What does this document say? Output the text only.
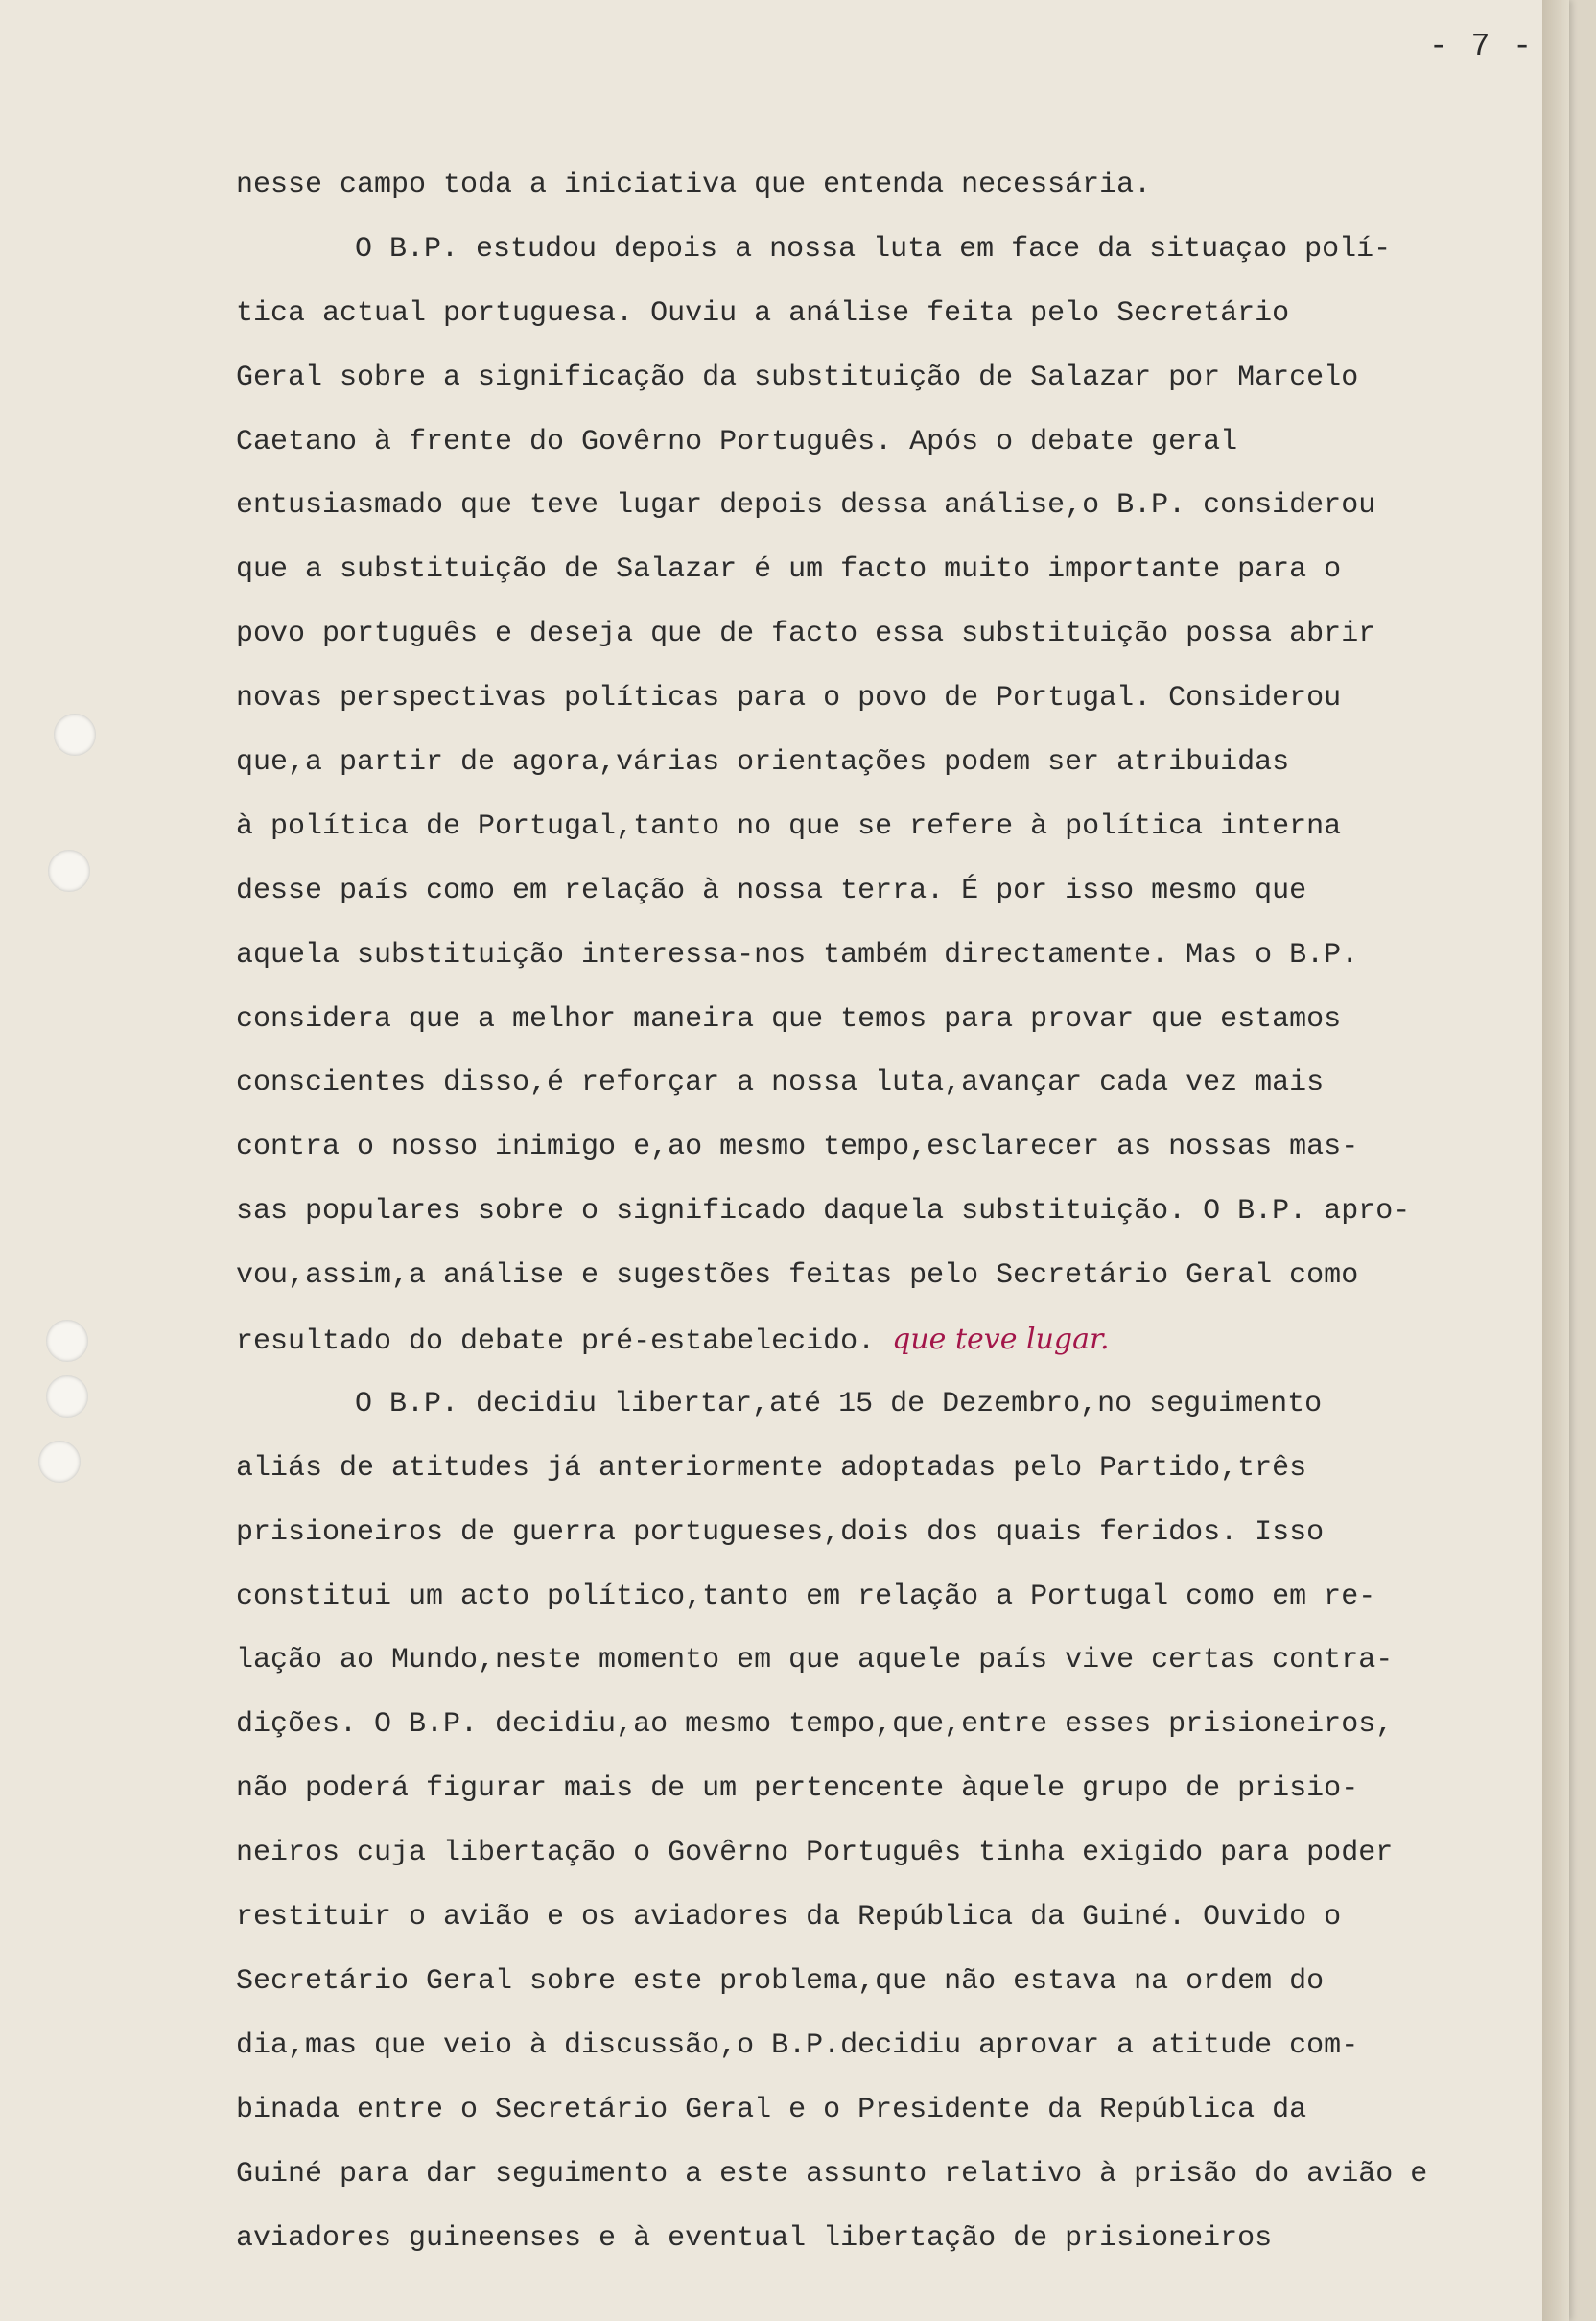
- 7 -
nesse campo toda a iniciativa que entenda necessária.
O B.P. estudou depois a nossa luta em face da situaçao polí-
tica actual portuguesa. Ouviu a análise feita pelo Secretário
Geral sobre a significação da substituição de Salazar por Marcelo
Caetano à frente do Govêrno Português. Após o debate geral
entusiasmado que teve lugar depois dessa análise,o B.P. considerou
que a substituição de Salazar é um facto muito importante para o
povo português e deseja que de facto essa substituição possa abrir
novas perspectivas políticas para o povo de Portugal. Considerou
que,a partir de agora,várias orientações podem ser atribuidas
à política de Portugal,tanto no que se refere à política interna
desse país como em relação à nossa terra. É por isso mesmo que
aquela substituição interessa-nos também directamente. Mas o B.P.
considera que a melhor maneira que temos para provar que estamos
conscientes disso,é reforçar a nossa luta,avançar cada vez mais
contra o nosso inimigo e,ao mesmo tempo,esclarecer as nossas mas-
sas populares sobre o significado daquela substituição. O B.P. apro-
vou,assim,a análise e sugestões feitas pelo Secretário Geral como
resultado do debate pré-estabelecido. que teve lugar.
O B.P. decidiu libertar,até 15 de Dezembro,no seguimento
aliás de atitudes já anteriormente adoptadas pelo Partido,três
prisioneiros de guerra portugueses,dois dos quais feridos. Isso
constitui um acto político,tanto em relação a Portugal como em re-
lação ao Mundo,neste momento em que aquele país vive certas contra-
dições. O B.P. decidiu,ao mesmo tempo,que,entre esses prisioneiros,
não poderá figurar mais de um pertencente àquele grupo de prisio-
neiros cuja libertação o Govêrno Português tinha exigido para poder
restituir o avião e os aviadores da República da Guiné. Ouvido o
Secretário Geral sobre este problema,que não estava na ordem do
dia,mas que veio à discussão,o B.P.decidiu aprovar a atitude com-
binada entre o Secretário Geral e o Presidente da República da
Guiné para dar seguimento a este assunto relativo à prisão do avião e
aviadores guineenses e à eventual libertação de prisioneiros
